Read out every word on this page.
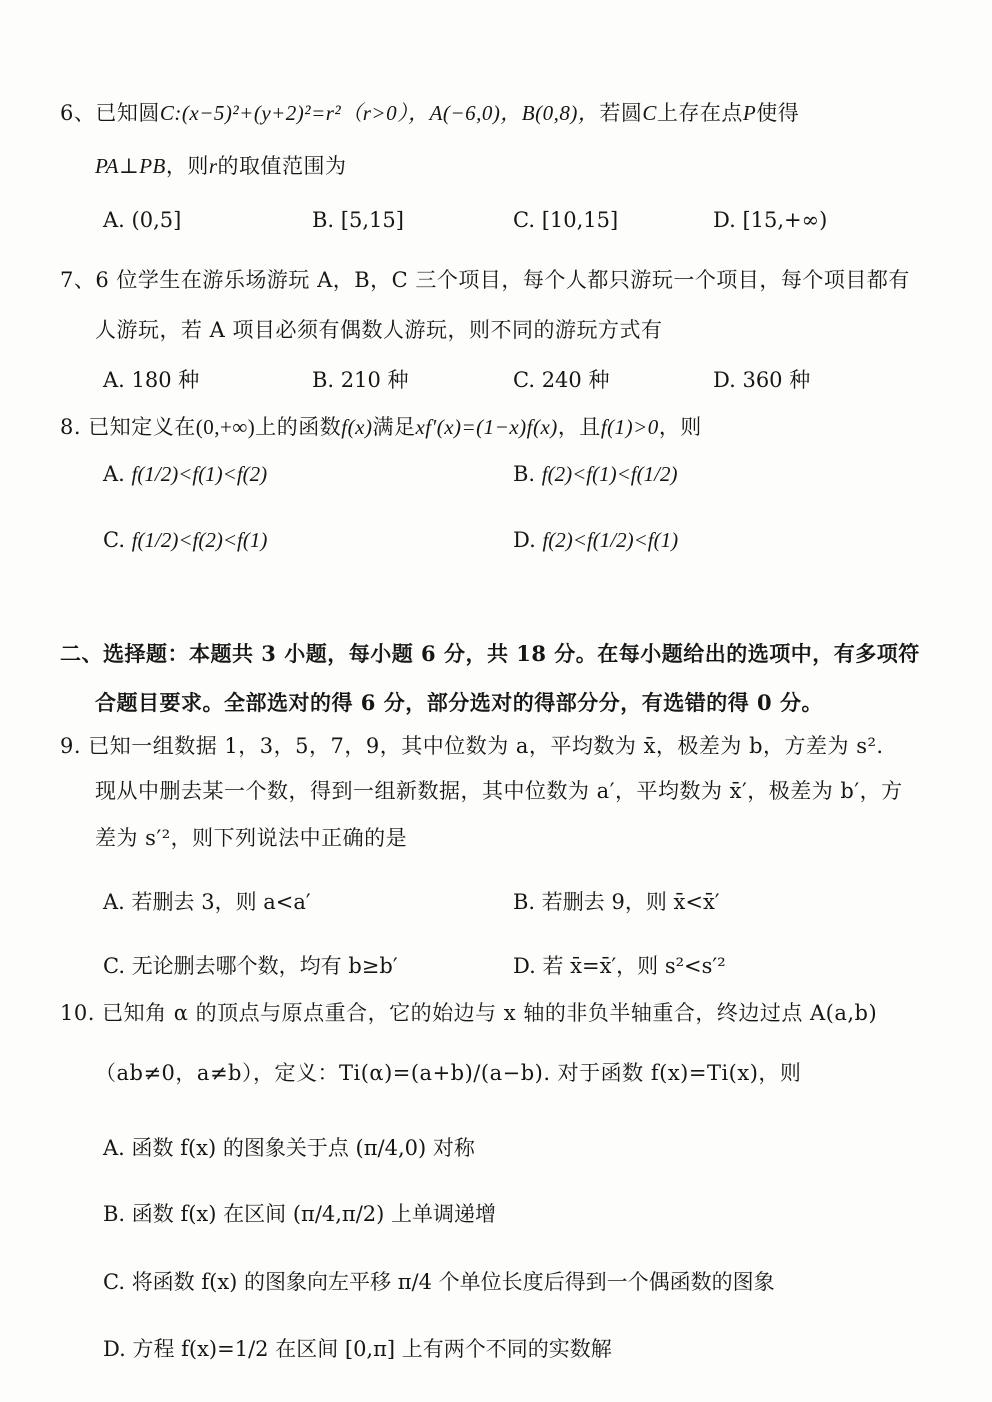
6、已知圆C:(x−5)²+(y+2)²=r²（r>0），A(−6,0)，B(0,8)，若圆C上存在点P使得
PA⊥PB，则r的取值范围为
A. (0,5]	B. [5,15]	C. [10,15]	D. [15,+∞)
7、6 位学生在游乐场游玩 A，B，C 三个项目，每个人都只游玩一个项目，每个项目都有
人游玩，若 A 项目必须有偶数人游玩，则不同的游玩方式有
A. 180 种	B. 210 种	C. 240 种	D. 360 种
8. 已知定义在(0,+∞)上的函数f(x)满足xf′(x)=(1−x)f(x)，且f(1)>0，则
A. f(1/2)<f(1)<f(2)	B. f(2)<f(1)<f(1/2)
C. f(1/2)<f(2)<f(1)	D. f(2)<f(1/2)<f(1)
二、选择题：本题共 3 小题，每小题 6 分，共 18 分。在每小题给出的选项中，有多项符
合题目要求。全部选对的得 6 分，部分选对的得部分分，有选错的得 0 分。
9. 已知一组数据 1，3，5，7，9，其中位数为 a，平均数为 x̄，极差为 b，方差为 s².
现从中删去某一个数，得到一组新数据，其中位数为 a′，平均数为 x̄′，极差为 b′，方
差为 s′²，则下列说法中正确的是
A. 若删去 3，则 a<a′	B. 若删去 9，则 x̄<x̄′
C. 无论删去哪个数，均有 b≥b′	D. 若 x̄=x̄′，则 s²<s′²
10. 已知角 α 的顶点与原点重合，它的始边与 x 轴的非负半轴重合，终边过点 A(a,b)
（ab≠0，a≠b），定义：Ti(α)=(a+b)/(a−b). 对于函数 f(x)=Ti(x)，则
A. 函数 f(x) 的图象关于点 (π/4,0) 对称
B. 函数 f(x) 在区间 (π/4,π/2) 上单调递增
C. 将函数 f(x) 的图象向左平移 π/4 个单位长度后得到一个偶函数的图象
D. 方程 f(x)=1/2 在区间 [0,π] 上有两个不同的实数解
